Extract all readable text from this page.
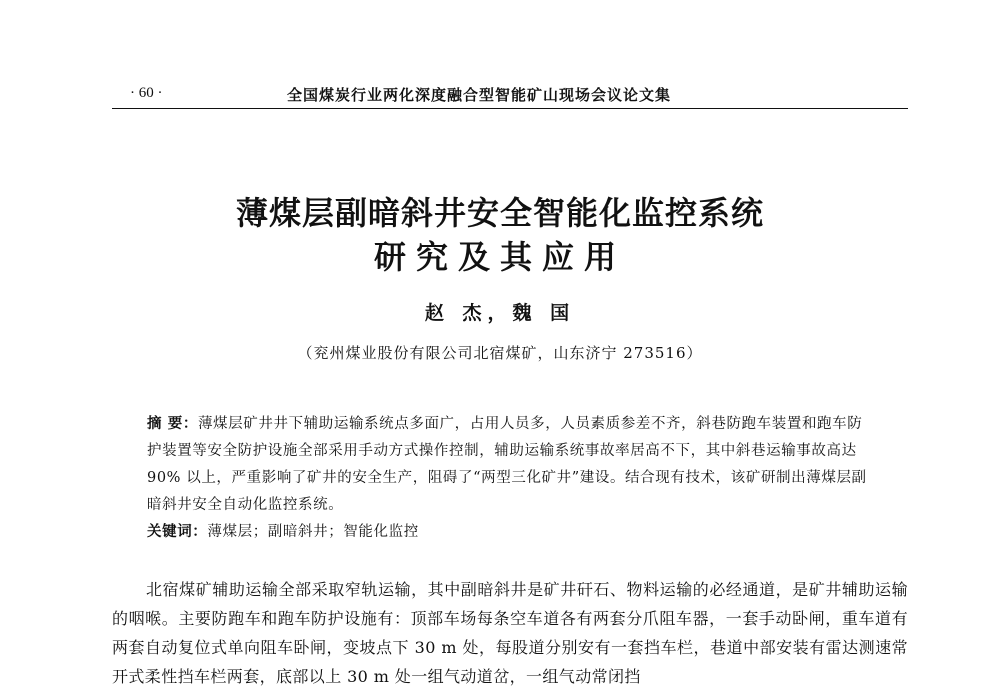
· 60 ·	全国煤炭行业两化深度融合型智能矿山现场会议论文集
薄煤层副暗斜井安全智能化监控系统
研究及其应用
赵 杰，魏 国
（兖州煤业股份有限公司北宿煤矿，山东济宁 273516）
摘 要：薄煤层矿井井下辅助运输系统点多面广，占用人员多，人员素质参差不齐，斜巷防跑车装置和跑车防护装置等安全防护设施全部采用手动方式操作控制，辅助运输系统事故率居高不下，其中斜巷运输事故高达90% 以上，严重影响了矿井的安全生产，阻碍了“两型三化矿井”建设。结合现有技术，该矿研制出薄煤层副暗斜井安全自动化监控系统。
关键词：薄煤层；副暗斜井；智能化监控
北宿煤矿辅助运输全部采取窄轨运输，其中副暗斜井是矿井矸石、物料运输的必经通道，是矿井辅助运输的咽喉。主要防跑车和跑车防护设施有：顶部车场每条空车道各有两套分爪阻车器，一套手动卧闸，重车道有两套自动复位式单向阻车卧闸，变坡点下 30 m 处，每股道分别安有一套挡车栏，巷道中部安装有雷达测速常开式柔性挡车栏两套，底部以上 30 m 处一组气动道岔，一组气动常闭挡
